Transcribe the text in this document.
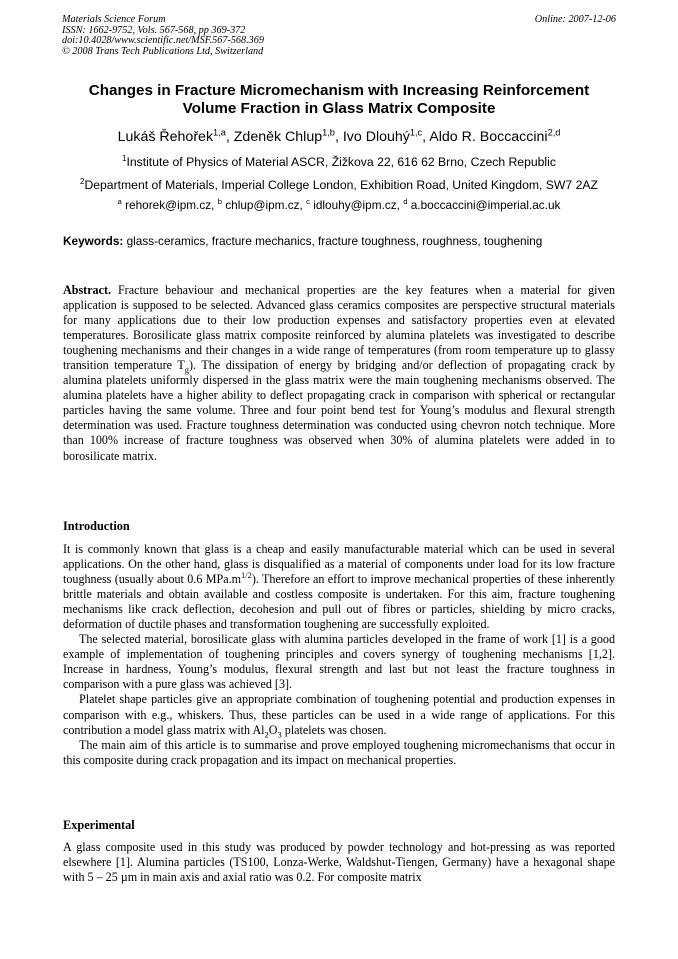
Materials Science Forum
ISSN: 1662-9752, Vols. 567-568, pp 369-372
doi:10.4028/www.scientific.net/MSF.567-568.369
© 2008 Trans Tech Publications Ltd, Switzerland
Online: 2007-12-06
Changes in Fracture Micromechanism with Increasing Reinforcement
Volume Fraction in Glass Matrix Composite
Lukáš Řehořek$^{1,a}$, Zdeněk Chlup$^{1,b}$, Ivo Dlouhý$^{1,c}$, Aldo R. Boccaccini$^{2,d}$
$^1$Institute of Physics of Material ASCR, Žižkova 22, 616 62 Brno, Czech Republic
$^2$Department of Materials, Imperial College London, Exhibition Road, United Kingdom, SW7 2AZ
$^a$ rehorek@ipm.cz, $^b$ chlup@ipm.cz, $^c$ idlouhy@ipm.cz, $^d$ a.boccaccini@imperial.ac.uk
Keywords: glass-ceramics, fracture mechanics, fracture toughness, roughness, toughening
Abstract. Fracture behaviour and mechanical properties are the key features when a material for given application is supposed to be selected. Advanced glass ceramics composites are perspective structural materials for many applications due to their low production expenses and satisfactory properties even at elevated temperatures. Borosilicate glass matrix composite reinforced by alumina platelets was investigated to describe toughening mechanisms and their changes in a wide range of temperatures (from room temperature up to glassy transition temperature $T_g$). The dissipation of energy by bridging and/or deflection of propagating crack by alumina platelets uniformly dispersed in the glass matrix were the main toughening mechanisms observed. The alumina platelets have a higher ability to deflect propagating crack in comparison with spherical or rectangular particles having the same volume. Three and four point bend test for Young’s modulus and flexural strength determination was used. Fracture toughness determination was conducted using chevron notch technique. More than 100% increase of fracture toughness was observed when 30% of alumina platelets were added in to borosilicate matrix.
Introduction

It is commonly known that glass is a cheap and easily manufacturable material which can be used in several applications. On the other hand, glass is disqualified as a material of components under load for its low fracture toughness (usually about 0.6 $MPa.m^{1/2}$). Therefore an effort to improve mechanical properties of these inherently brittle materials and obtain available and costless composite is undertaken. For this aim, fracture toughening mechanisms like crack deflection, decohesion and pull out of fibres or particles, shielding by micro cracks, deformation of ductile phases and transformation toughening are successfully exploited.

The selected material, borosilicate glass with alumina particles developed in the frame of work [1] is a good example of implementation of toughening principles and covers synergy of toughening mechanisms [1,2]. Increase in hardness, Young’s modulus, flexural strength and last but not least the fracture toughness in comparison with a pure glass was achieved [3].

Platelet shape particles give an appropriate combination of toughening potential and production expenses in comparison with e.g., whiskers. Thus, these particles can be used in a wide range of applications. For this contribution a model glass matrix with $Al_2O_3$ platelets was chosen.

The main aim of this article is to summarise and prove employed toughening micromechanisms that occur in this composite during crack propagation and its impact on mechanical properties.

Experimental

A glass composite used in this study was produced by powder technology and hot-pressing as was reported elsewhere [1]. Alumina particles (TS100, Lonza-Werke, Waldshut-Tiengen, Germany) have a hexagonal shape with 5 – 25 µm in main axis and axial ratio was 0.2. For composite matrix
